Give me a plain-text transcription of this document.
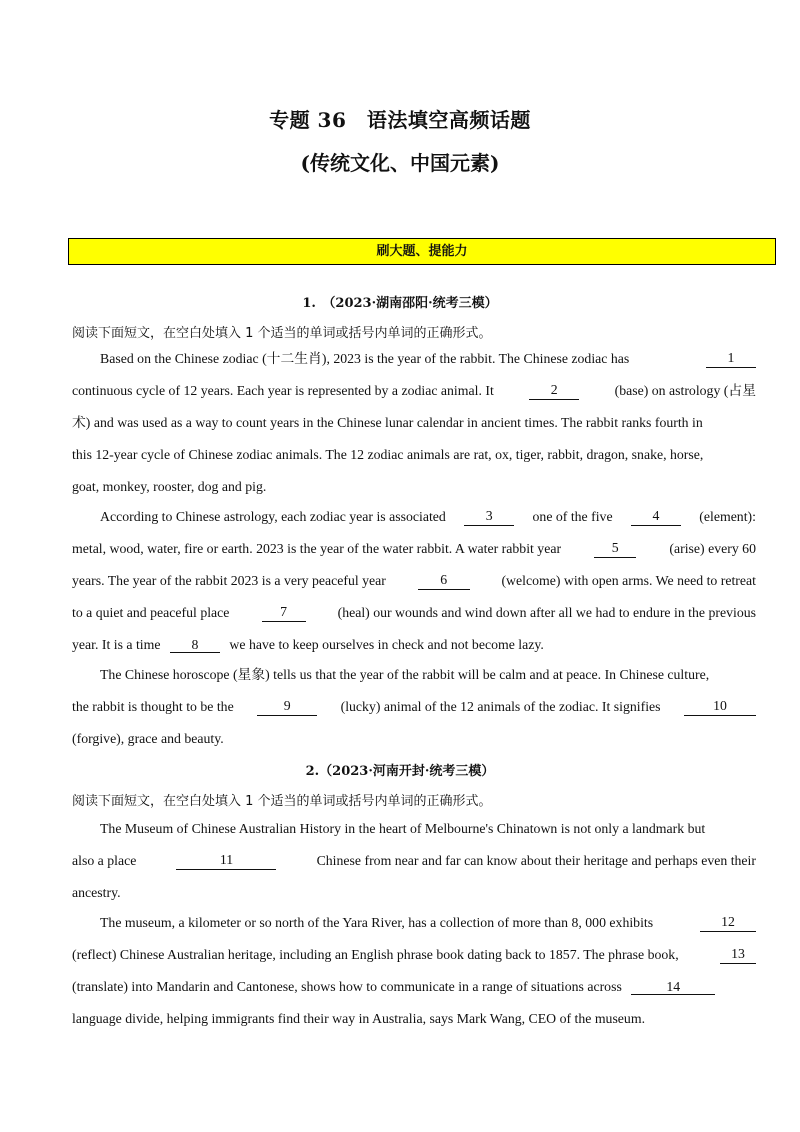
专题 36　语法填空高频话题
(传统文化、中国元素)
刷大题、提能力
1.　（2023·湖南邵阳·统考三模）
阅读下面短文，在空白处填入 1 个适当的单词或括号内单词的正确形式。
Based on the Chinese zodiac (十二生肖), 2023 is the year of the rabbit. The Chinese zodiac has	1
continuous cycle of 12 years. Each year is represented by a zodiac animal. It	2	(base) on astrology (占星
术) and was used as a way to count years in the Chinese lunar calendar in ancient times. The rabbit ranks fourth in
this 12-year cycle of Chinese zodiac animals. The 12 zodiac animals are rat, ox, tiger, rabbit, dragon, snake, horse,
goat, monkey, rooster, dog and pig.
According to Chinese astrology, each zodiac year is associated	3	one of the five	4	(element):
metal, wood, water, fire or earth. 2023 is the year of the water rabbit. A water rabbit year	5	(arise) every 60
years. The year of the rabbit 2023 is a very peaceful year	6	(welcome) with open arms. We need to retreat
to a quiet and peaceful place	7	(heal) our wounds and wind down after all we had to endure in the previous
year. It is a time 8 we have to keep ourselves in check and not become lazy.
The Chinese horoscope (星象) tells us that the year of the rabbit will be calm and at peace. In Chinese culture,
the rabbit is thought to be the	9	(lucky) animal of the 12 animals of the zodiac. It signifies	10
(forgive), grace and beauty.
2.（2023·河南开封·统考三模）
阅读下面短文，在空白处填入 1 个适当的单词或括号内单词的正确形式。
The Museum of Chinese Australian History in the heart of Melbourne's Chinatown is not only a landmark but
also a place	11	Chinese from near and far can know about their heritage and perhaps even their
ancestry.
The museum, a kilometer or so north of the Yara River, has a collection of more than 8, 000 exhibits	12
(reflect) Chinese Australian heritage, including an English phrase book dating back to 1857. The phrase book,	13
(translate) into Mandarin and Cantonese, shows how to communicate in a range of situations across	14
language divide, helping immigrants find their way in Australia, says Mark Wang, CEO of the museum.
